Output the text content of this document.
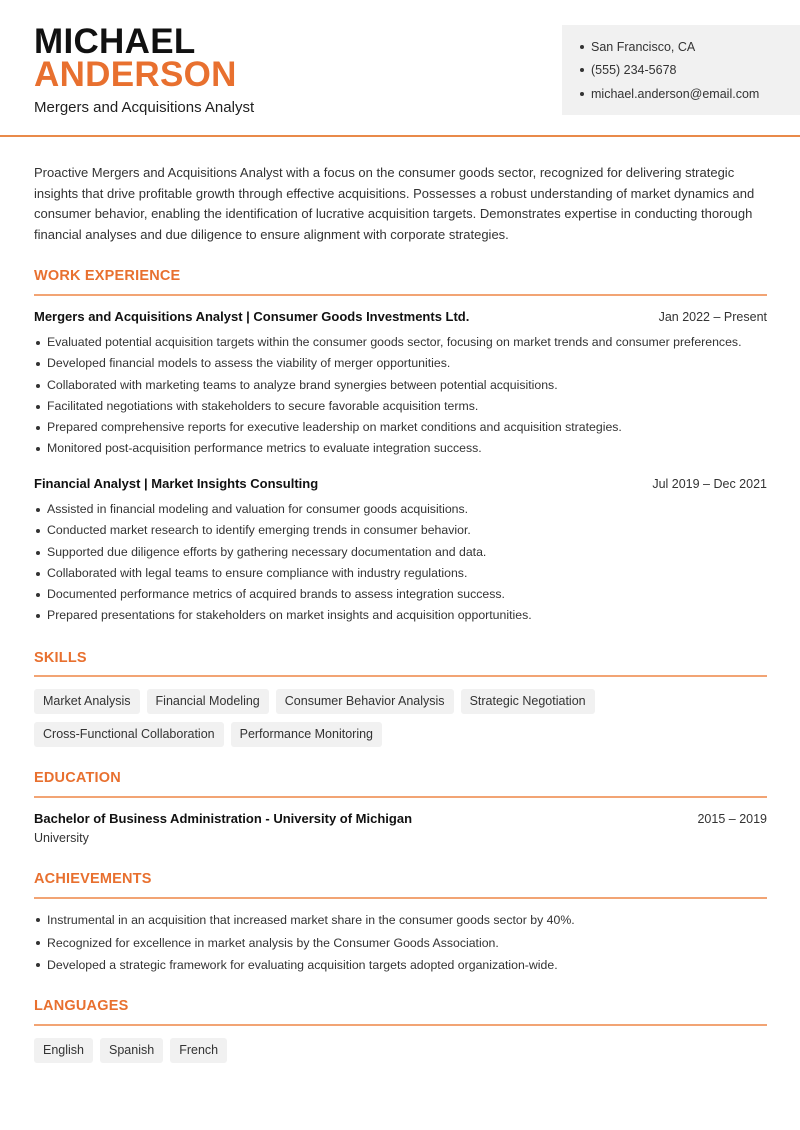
MICHAEL
ANDERSON
Mergers and Acquisitions Analyst
San Francisco, CA
(555) 234-5678
michael.anderson@email.com

Proactive Mergers and Acquisitions Analyst with a focus on the consumer goods sector, recognized for delivering strategic insights that drive profitable growth through effective acquisitions. Possesses a robust understanding of market dynamics and consumer behavior, enabling the identification of lucrative acquisition targets. Demonstrates expertise in conducting thorough financial analyses and due diligence to ensure alignment with corporate strategies.

WORK EXPERIENCE
Mergers and Acquisitions Analyst | Consumer Goods Investments Ltd.	Jan 2022 – Present
Evaluated potential acquisition targets within the consumer goods sector, focusing on market trends and consumer preferences.
Developed financial models to assess the viability of merger opportunities.
Collaborated with marketing teams to analyze brand synergies between potential acquisitions.
Facilitated negotiations with stakeholders to secure favorable acquisition terms.
Prepared comprehensive reports for executive leadership on market conditions and acquisition strategies.
Monitored post-acquisition performance metrics to evaluate integration success.
Financial Analyst | Market Insights Consulting	Jul 2019 – Dec 2021
Assisted in financial modeling and valuation for consumer goods acquisitions.
Conducted market research to identify emerging trends in consumer behavior.
Supported due diligence efforts by gathering necessary documentation and data.
Collaborated with legal teams to ensure compliance with industry regulations.
Documented performance metrics of acquired brands to assess integration success.
Prepared presentations for stakeholders on market insights and acquisition opportunities.
SKILLS
Market Analysis	Financial Modeling	Consumer Behavior Analysis	Strategic Negotiation
Cross-Functional Collaboration	Performance Monitoring
EDUCATION
Bachelor of Business Administration - University of Michigan	2015 – 2019
University
ACHIEVEMENTS
Instrumental in an acquisition that increased market share in the consumer goods sector by 40%.
Recognized for excellence in market analysis by the Consumer Goods Association.
Developed a strategic framework for evaluating acquisition targets adopted organization-wide.
LANGUAGES
English	Spanish	French
